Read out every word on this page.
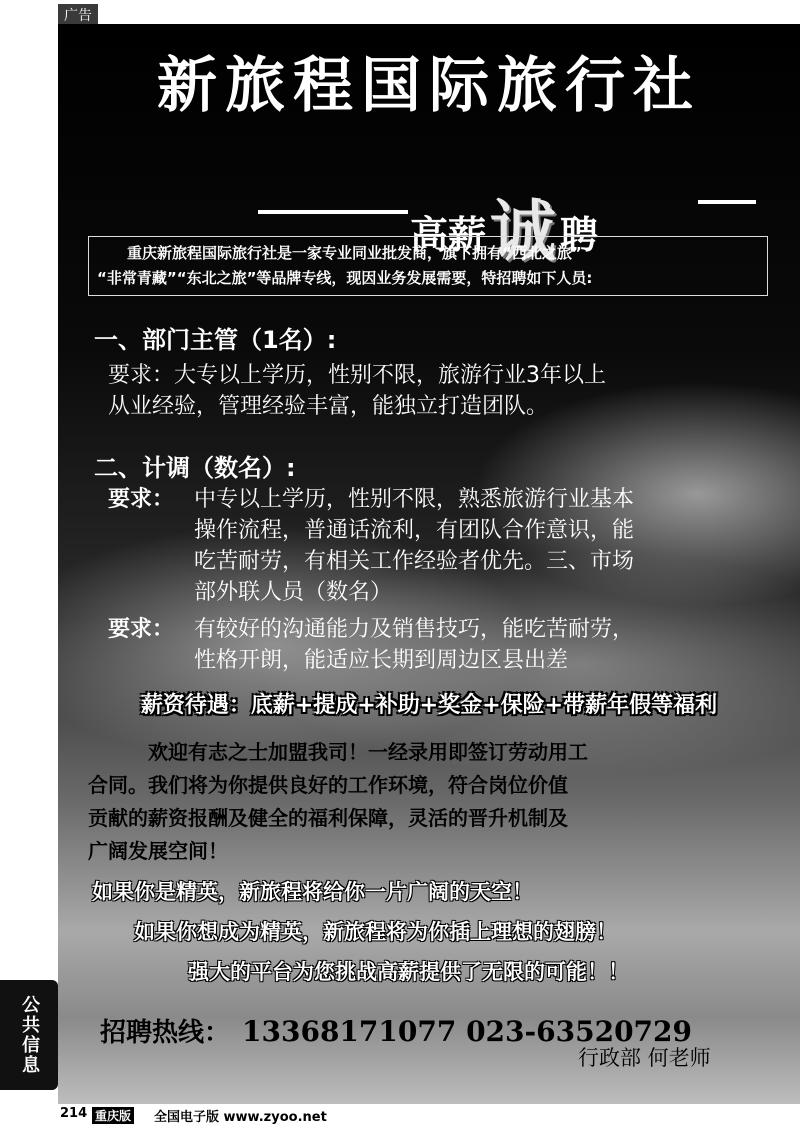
广告
公共信息
新旅程国际旅行社
高薪诚 聘

重庆新旅程国际旅行社是一家专业同业批发商，旗下拥有“西北之旅”

“非常青藏”“东北之旅”等品牌专线，现因业务发展需要，特招聘如下人员:

一、部门主管（1名）:
要求：大专以上学历，性别不限，旅游行业3年以上
从业经验，管理经验丰富，能独立打造团队。
二、计调（数名）:
要求： 中专以上学历，性别不限，熟悉旅游行业基本
操作流程，普通话流利，有团队合作意识，能
吃苦耐劳，有相关工作经验者优先。三、市场
部外联人员（数名）
要求： 有较好的沟通能力及销售技巧，能吃苦耐劳，
性格开朗，能适应长期到周边区县出差
薪资待遇：底薪+提成+补助+奖金+保险+带薪年假等福利

欢迎有志之士加盟我司！一经录用即签订劳动用工

合同。我们将为你提供良好的工作环境，符合岗位价值

贡献的薪资报酬及健全的福利保障，灵活的晋升机制及

广阔发展空间！

如果你是精英，新旅程将给你一片广阔的天空！
如果你想成为精英，新旅程将为你插上理想的翅膀！
强大的平台为您挑战高薪提供了无限的可能！！
招聘热线： 13368171077 023-63520729
行政部 何老师
214 重庆版 全国电子版 www.zyoo.net
